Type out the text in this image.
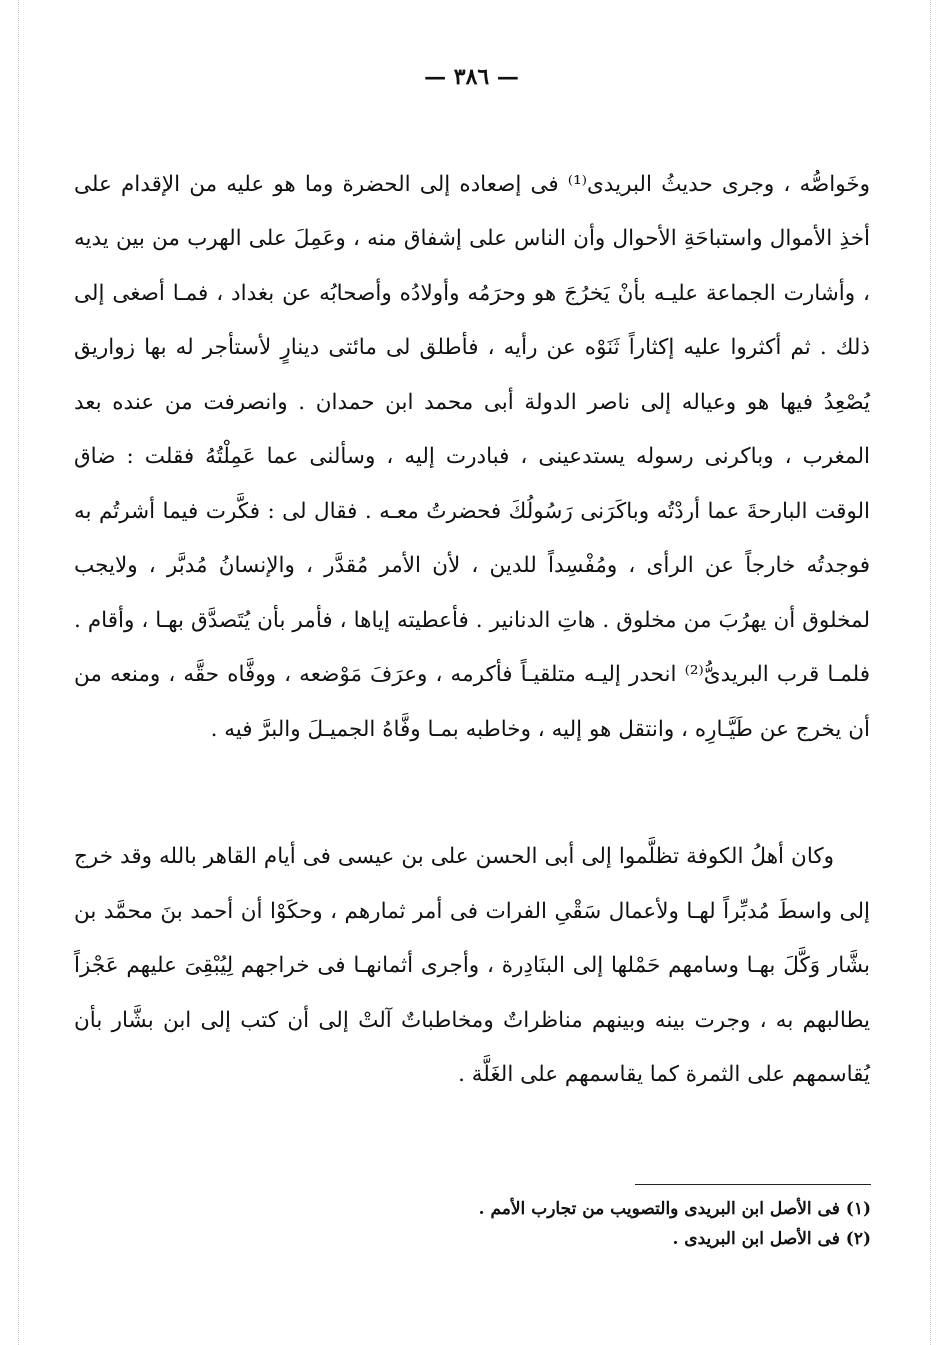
— ٣٨٦ —

وخَواصُّه ، وجرى حديثُ البريدى⁽¹⁾ فى إصعاده إلى الحضرة وما هو عليه من الإقدام على أخذِ الأموال واستباحَةِ الأحوال وأن الناس على إشفاق منه ، وعَمِلَ على الهرب من بين يديه ، وأشارت الجماعة عليـه بأنْ يَخرُجَ هو وحرَمُه وأولادُه وأصحابُه عن بغداد ، فمـا أصغى إلى ذلك . ثم أكثروا عليه إكثاراً ثَنَوْه عن رأيه ، فأطلق لى مائتى دينارٍ لأستأجر له بها زواريق يُصْعِدُ فيها هو وعياله إلى ناصر الدولة أبى محمد ابن حمدان . وانصرفت من عنده بعد المغرب ، وباكرنى رسوله يستدعينى ، فبادرت إليه ، وسألنى عما عَمِلْتُهُ فقلت : ضاق الوقت البارحةَ عما أردْتُه وباكَرَنى رَسُولُكَ فحضرتُ معـه . فقال لى : فكَّرت فيما أشرتُم به فوجدتُه خارجاً عن الرأى ، ومُفْسِداً للدين ، لأن الأمر مُقدَّر ، والإنسانُ مُدبَّر ، ولايجب لمخلوق أن يهرُبَ من مخلوق . هاتِ الدنانير . فأعطيته إياها ، فأمر بأن يُتَصدَّق بهـا ، وأقام . فلمـا قرب البريدىُّ⁽²⁾ انحدر إليـه متلقيـاً فأكرمه ، وعرَفَ مَوْضعه ، ووفَّاه حقَّه ، ومنعه من أن يخرج عن طَيَّـارِه ، وانتقل هو إليه ، وخاطبه بمـا وفَّاهُ الجميـلَ والبرَّ فيه .

وكان أهلُ الكوفة تظلَّموا إلى أبى الحسن على بن عيسى فى أيام القاهر بالله وقد خرج إلى واسطَ مُدبِّراً لهـا ولأعمال سَقْىِ الفرات فى أمر ثمارهم ، وحكَوْا أن أحمد بنَ محمَّد بن بشَّار وَكَّلَ بهـا وسامهم حَمْلها إلى البنَادِرة ، وأجرى أثمانهـا فى خراجهم لِيُبْقِىَ عليهم عَجْزاً يطالبهم به ، وجرت بينه وبينهم مناظراتٌ ومخاطباتٌ آلتْ إلى أن كتب إلى ابن بشَّار بأن يُقاسمهم على الثمرة كما يقاسمهم على الغَلَّة .
(١) فى الأصل ابن البريدى والتصويب من تجارب الأمم .
(٢) فى الأصل ابن البريدى .
